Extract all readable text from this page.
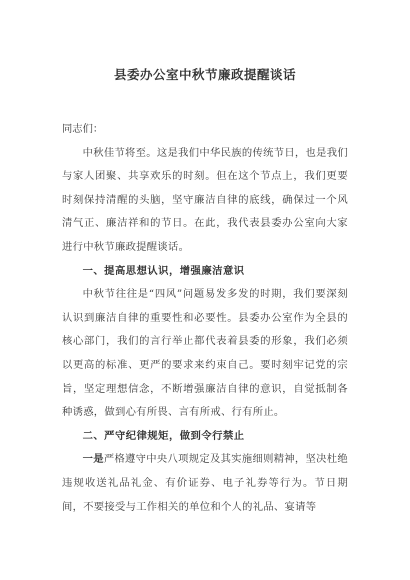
县委办公室中秋节廉政提醒谈话

同志们：

中秋佳节将至。这是我们中华民族的传统节日，也是我们与家人团聚、共享欢乐的时刻。但在这个节点上，我们更要时刻保持清醒的头脑，坚守廉洁自律的底线，确保过一个风清气正、廉洁祥和的节日。在此，我代表县委办公室向大家进行中秋节廉政提醒谈话。

一、提高思想认识，增强廉洁意识

中秋节往往是“四风”问题易发多发的时期，我们要深刻认识到廉洁自律的重要性和必要性。县委办公室作为全县的核心部门，我们的言行举止都代表着县委的形象，我们必须以更高的标准、更严的要求来约束自己。要时刻牢记党的宗旨，坚定理想信念，不断增强廉洁自律的意识，自觉抵制各种诱惑，做到心有所畏、言有所戒、行有所止。

二、严守纪律规矩，做到令行禁止

一是严格遵守中央八项规定及其实施细则精神，坚决杜绝违规收送礼品礼金、有价证券、电子礼券等行为。节日期间，不要接受与工作相关的单位和个人的礼品、宴请等
